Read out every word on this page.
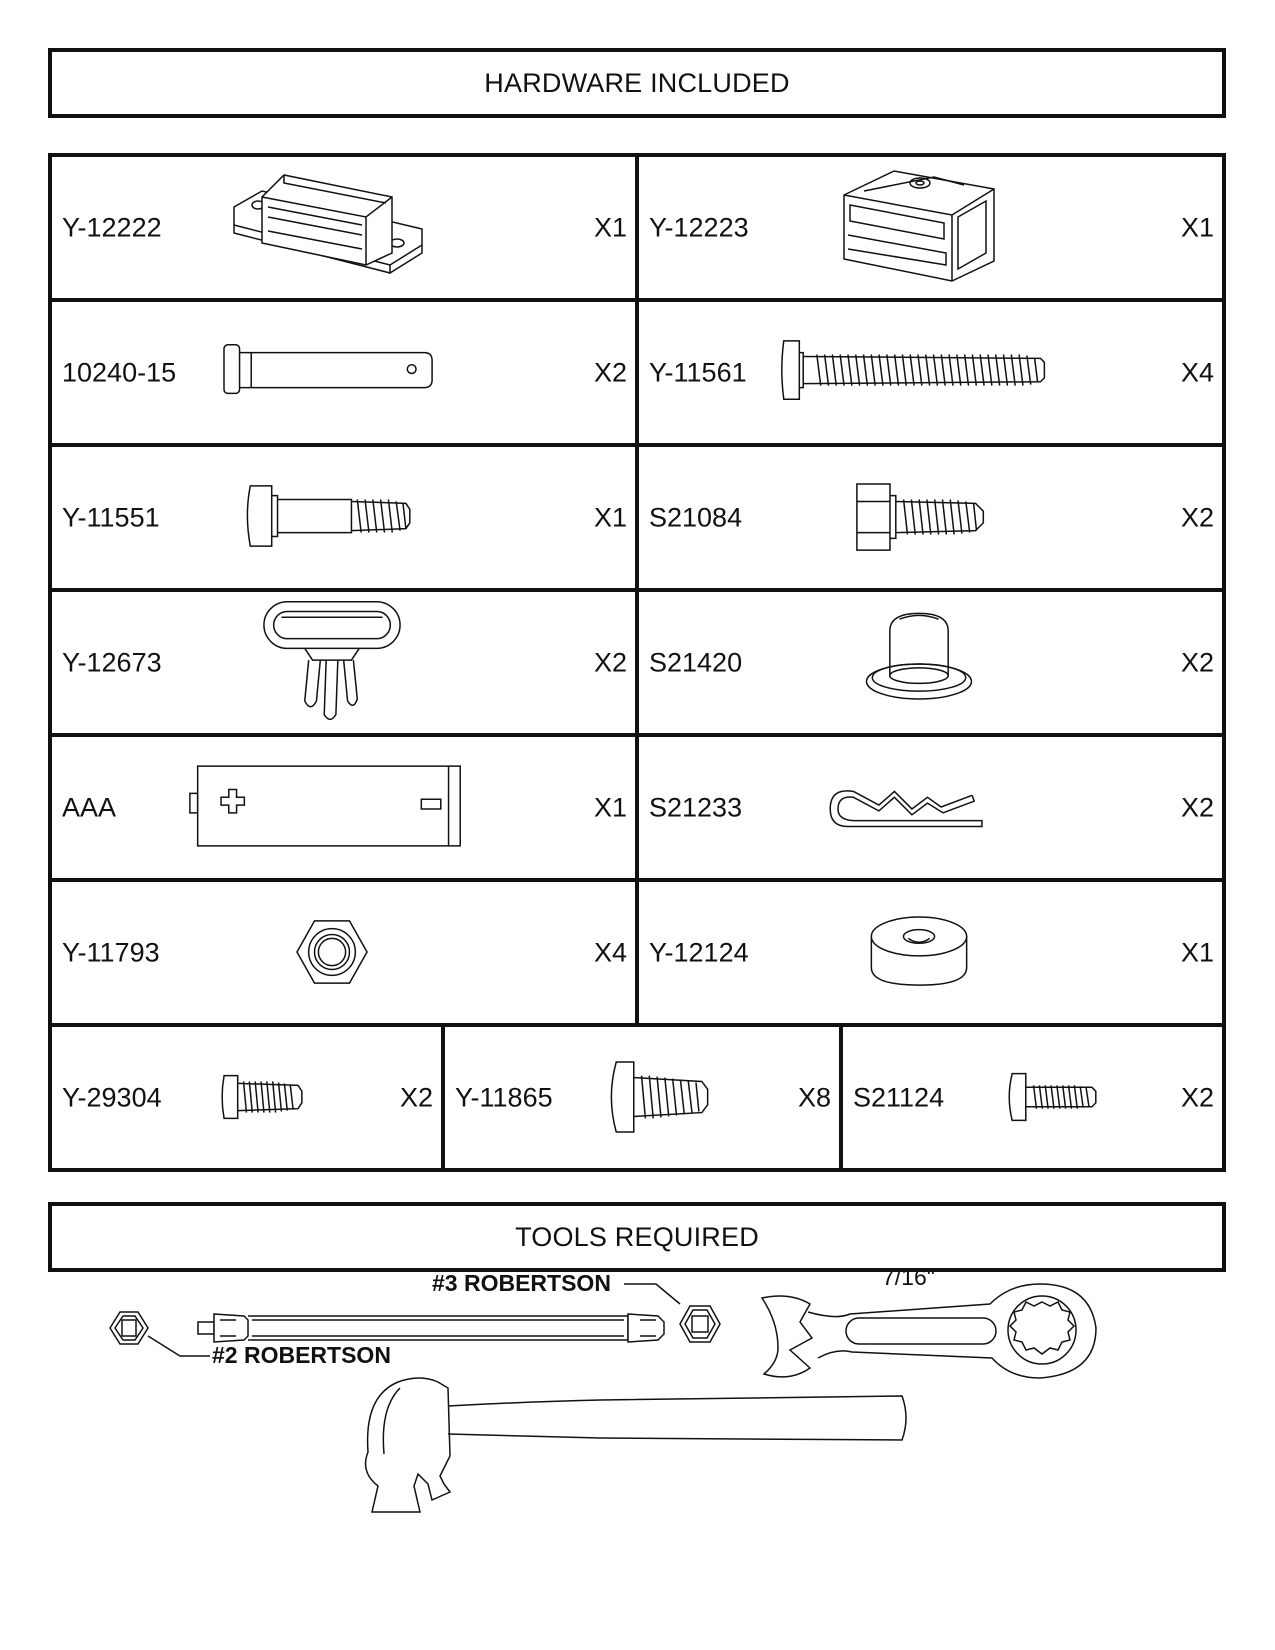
HARDWARE INCLUDED
Y-12222	X1 Y-12223	X1
10240-15	X2 Y-11561	X4
Y-11551	X1 S21084	X2
Y-12673	X2 S21420	X2
AAA	X1 S21233	X2
Y-11793	X4 Y-12124	X1
Y-29304	X2 Y-11865	X8 S21124	X2
TOOLS REQUIRED
#3 ROBERTSON
#2 ROBERTSON
7/16"
